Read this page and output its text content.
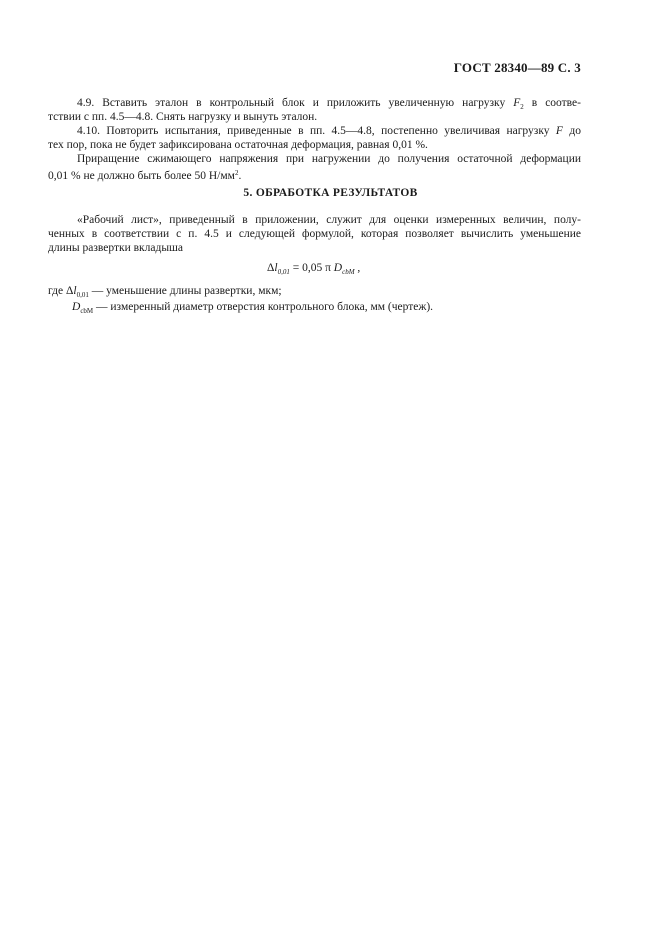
ГОСТ 28340—89 С. 3
4.9. Вставить эталон в контрольный блок и приложить увеличенную нагрузку $F_2$ в соотве-
тствии с пп. 4.5—4.8. Снять нагрузку и вынуть эталон.
4.10. Повторить испытания, приведенные в пп. 4.5—4.8, постепенно увеличивая нагрузку F до
тех пор, пока не будет зафиксирована остаточная деформация, равная 0,01 %.
Приращение сжимающего напряжения при нагружении до получения остаточной деформации
0,01 % не должно быть более 50 $Н/мм^2$.
5. ОБРАБОТКА РЕЗУЛЬТАТОВ
«Рабочий лист», приведенный в приложении, служит для оценки измеренных величин, полу-
ченных в соответствии с п. 4.5 и следующей формулой, которая позволяет вычислить уменьшение
длины развертки вкладыша
$\Delta l_{0,01} = 0,05$ π $D_{cbM}$ ,
где $\Delta l_{0,01}$ — уменьшение длины развертки, мкм;
$D_{cbM}$ — измеренный диаметр отверстия контрольного блока, мм (чертеж).
